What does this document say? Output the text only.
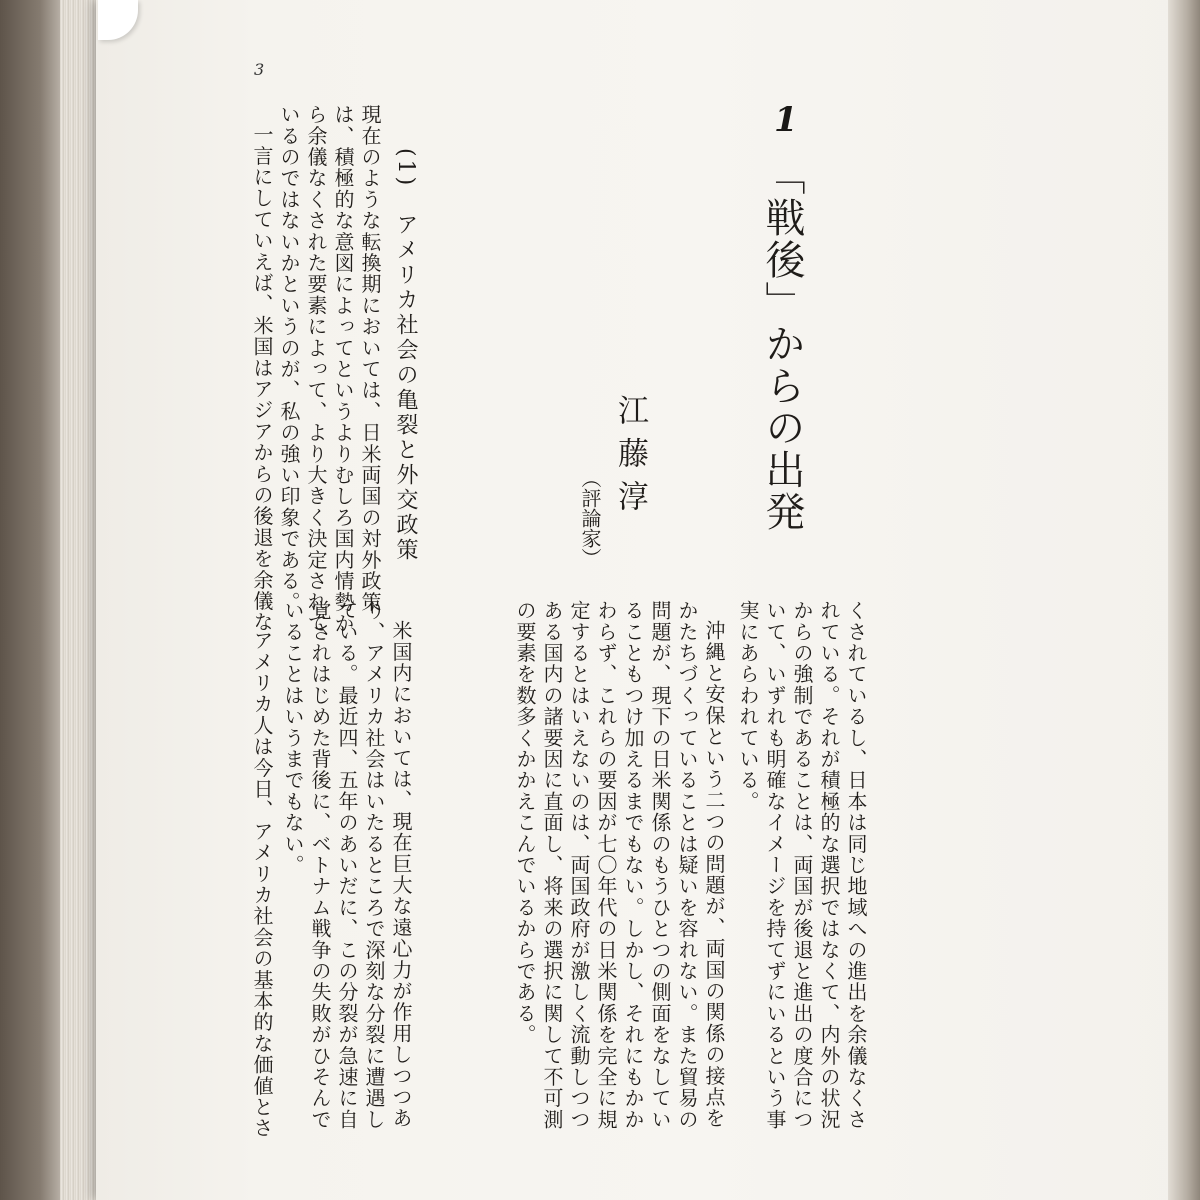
3
1

「戦後」からの出発

江藤淳

（評論家）

(1)　アメリカ社会の亀裂と外交政策

現在のような転換期においては、日米両国の対外政策

は、積極的な意図によってというよりむしろ国内情勢か

ら余儀なくされた要素によって、より大きく決定されて

いるのではないかというのが、私の強い印象である。

一言にしていえば、米国はアジアからの後退を余儀な

くされているし、日本は同じ地域への進出を余儀なくさ

れている。それが積極的な選択ではなくて、内外の状況

からの強制であることは、両国が後退と進出の度合につ

いて、いずれも明確なイメージを持てずにいるという事

実にあらわれている。

沖縄と安保という二つの問題が、両国の関係の接点を

かたちづくっていることは疑いを容れない。また貿易の

問題が、現下の日米関係のもうひとつの側面をなしてい

ることもつけ加えるまでもない。しかし、それにもかか

わらず、これらの要因が七〇年代の日米関係を完全に規

定するとはいえないのは、両国政府が激しく流動しつつ

ある国内の諸要因に直面し、将来の選択に関して不可測

の要素を数多くかかえこんでいるからである。

米国内においては、現在巨大な遠心力が作用しつつあ

り、アメリカ社会はいたるところで深刻な分裂に遭遇し

ている。最近四、五年のあいだに、この分裂が急速に自

覚されはじめた背後に、ベトナム戦争の失敗がひそんで

いることはいうまでもない。

アメリカ人は今日、アメリカ社会の基本的な価値とさ
